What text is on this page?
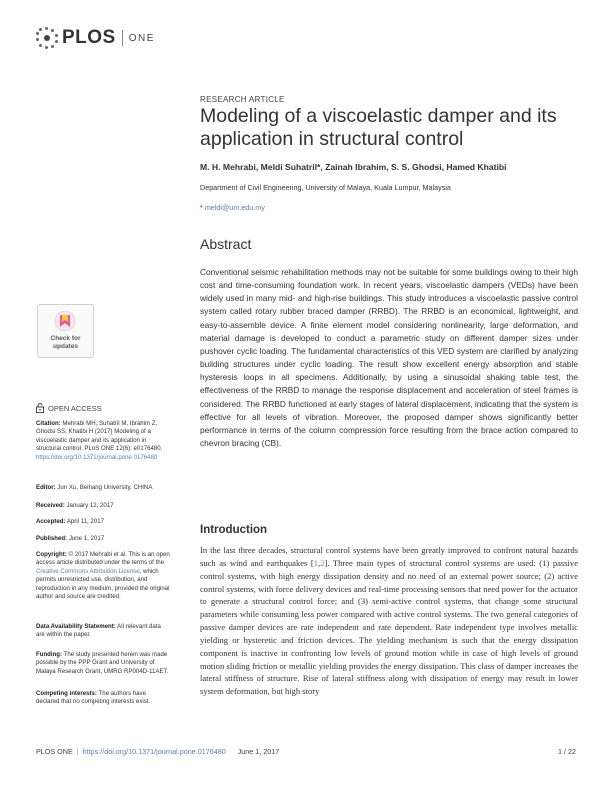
PLOS ONE
RESEARCH ARTICLE
Modeling of a viscoelastic damper and its application in structural control
M. H. Mehrabi, Meldi Suhatril*, Zainah Ibrahim, S. S. Ghodsi, Hamed Khatibi
Department of Civil Engineering, University of Malaya, Kuala Lumpur, Malaysia
* meldi@um.edu.my
Abstract
Conventional seismic rehabilitation methods may not be suitable for some buildings owing to their high cost and time-consuming foundation work. In recent years, viscoelastic dampers (VEDs) have been widely used in many mid- and high-rise buildings. This study introduces a viscoelastic passive control system called rotary rubber braced damper (RRBD). The RRBD is an economical, lightweight, and easy-to-assemble device. A finite element model considering nonlinearity, large deformation, and material damage is developed to conduct a parametric study on different damper sizes under pushover cyclic loading. The fundamental characteristics of this VED system are clarified by analyzing building structures under cyclic loading. The result show excellent energy absorption and stable hysteresis loops in all specimens. Additionally, by using a sinusoidal shaking table test, the effectiveness of the RRBD to manage the response displacement and acceleration of steel frames is considered. The RRBD functioned at early stages of lateral displacement, indicating that the system is effective for all levels of vibration. Moreover, the proposed damper shows significantly better performance in terms of the column compression force resulting from the brace action compared to chevron bracing (CB).
Check for
updates
OPEN ACCESS
Citation: Mehrabi MH, Suhatril M, Ibrahim Z, Ghodsi SS, Khatibi H (2017) Modeling of a viscoelastic damper and its application in structural control. PLoS ONE 12(6): e0176480. https://doi.org/10.1371/journal.pone.0176480
Editor: Jun Xu, Beihang University, CHINA
Received: January 12, 2017
Accepted: April 11, 2017
Published: June 1, 2017
Copyright: © 2017 Mehrabi et al. This is an open access article distributed under the terms of the Creative Commons Attribution License, which permits unrestricted use, distribution, and reproduction in any medium, provided the original author and source are credited.
Data Availability Statement: All relevant data are within the paper.
Funding: The study presented herein was made possible by the PPP Grant and University of Malaya Research Grant, UMRG RP004D-11AET.
Competing interests: The authors have declared that no competing interests exist.
Introduction
In the last three decades, structural control systems have been greatly improved to confront natural hazards such as wind and earthquakes [1,2]. Three main types of structural control systems are used: (1) passive control systems, with high energy dissipation density and no need of an external power source; (2) active control systems, with force delivery devices and real-time processing sensors that need power for the actuator to generate a structural control force; and (3) semi-active control systems, that change some structural parameters while consuming less power compared with active control systems. The two general categories of passive damper devices are rate independent and rate dependent. Rate independent type involves metallic yielding or hysteretic and friction devices. The yielding mechanism is such that the energy dissipation component is inactive in confronting low levels of ground motion while in case of high levels of ground motion sliding friction or metallic yielding provides the energy dissipation. This class of damper increases the lateral stiffness of structure. Rise of lateral stiffness along with dissipation of energy may result in lower system deformation, but high story
PLOS ONE | https://doi.org/10.1371/journal.pone.0176480 June 1, 2017	1 / 22
